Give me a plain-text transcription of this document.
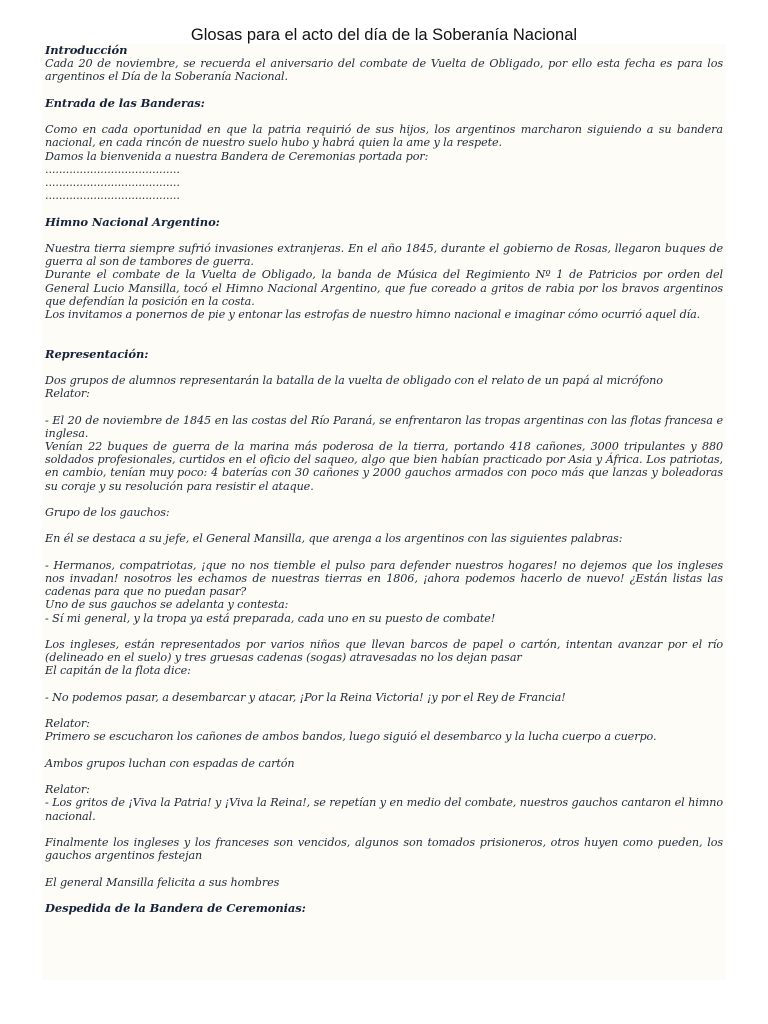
Glosas para el acto del día de la Soberanía Nacional
Introducción

Cada 20 de noviembre, se recuerda el aniversario del combate de Vuelta de Obligado, por ello esta fecha es para los argentinos el Día de la Soberanía Nacional.

Entrada de las Banderas:

Como en cada oportunidad en que la patria requirió de sus hijos, los argentinos marcharon siguiendo a su bandera nacional, en cada rincón de nuestro suelo hubo y habrá quien la ame y la respete.

Damos la bienvenida a nuestra Bandera de Ceremonias portada por:

.......................................

.......................................

.......................................

Himno Nacional Argentino:

Nuestra tierra siempre sufrió invasiones extranjeras. En el año 1845, durante el gobierno de Rosas, llegaron buques de guerra al son de tambores de guerra.

Durante el combate de la Vuelta de Obligado, la banda de Música del Regimiento Nº 1 de Patricios por orden del General Lucio Mansilla, tocó el Himno Nacional Argentino, que fue coreado a gritos de rabia por los bravos argentinos que defendían la posición en la costa.

Los invitamos a ponernos de pie y entonar las estrofas de nuestro himno nacional e imaginar cómo ocurrió aquel día.

Representación:

Dos grupos de alumnos representarán la batalla de la vuelta de obligado con el relato de un papá al micrófono

Relator:

- El 20 de noviembre de 1845 en las costas del Río Paraná, se enfrentaron las tropas argentinas con las flotas francesa e inglesa.

Venían 22 buques de guerra de la marina más poderosa de la tierra, portando 418 cañones, 3000 tripulantes y 880 soldados profesionales, curtidos en el oficio del saqueo, algo que bien habían practicado por Asia y África. Los patriotas, en cambio, tenían muy poco: 4 baterías con 30 cañones y 2000 gauchos armados con poco más que lanzas y boleadoras su coraje y su resolución para resistir el ataque.

Grupo de los gauchos:

En él se destaca a su jefe, el General Mansilla, que arenga a los argentinos con las siguientes palabras:

- Hermanos, compatriotas, ¡que no nos tiemble el pulso para defender nuestros hogares! no dejemos que los ingleses nos invadan! nosotros les echamos de nuestras tierras en 1806, ¡ahora podemos hacerlo de nuevo! ¿Están listas las cadenas para que no puedan pasar?

Uno de sus gauchos se adelanta y contesta:

- Sí mi general, y la tropa ya está preparada, cada uno en su puesto de combate!

Los ingleses, están representados por varios niños que llevan barcos de papel o cartón, intentan avanzar por el río (delineado en el suelo) y tres gruesas cadenas (sogas) atravesadas no los dejan pasar

El capitán de la flota dice:

- No podemos pasar, a desembarcar y atacar, ¡Por la Reina Victoria! ¡y por el Rey de Francia!

Relator:

Primero se escucharon los cañones de ambos bandos, luego siguió el desembarco y la lucha cuerpo a cuerpo.

Ambos grupos luchan con espadas de cartón

Relator:

- Los gritos de ¡Viva la Patria! y ¡Viva la Reina!, se repetían y en medio del combate, nuestros gauchos cantaron el himno nacional.

Finalmente los ingleses y los franceses son vencidos, algunos son tomados prisioneros, otros huyen como pueden, los gauchos argentinos festejan

El general Mansilla felicita a sus hombres

Despedida de la Bandera de Ceremonias:
